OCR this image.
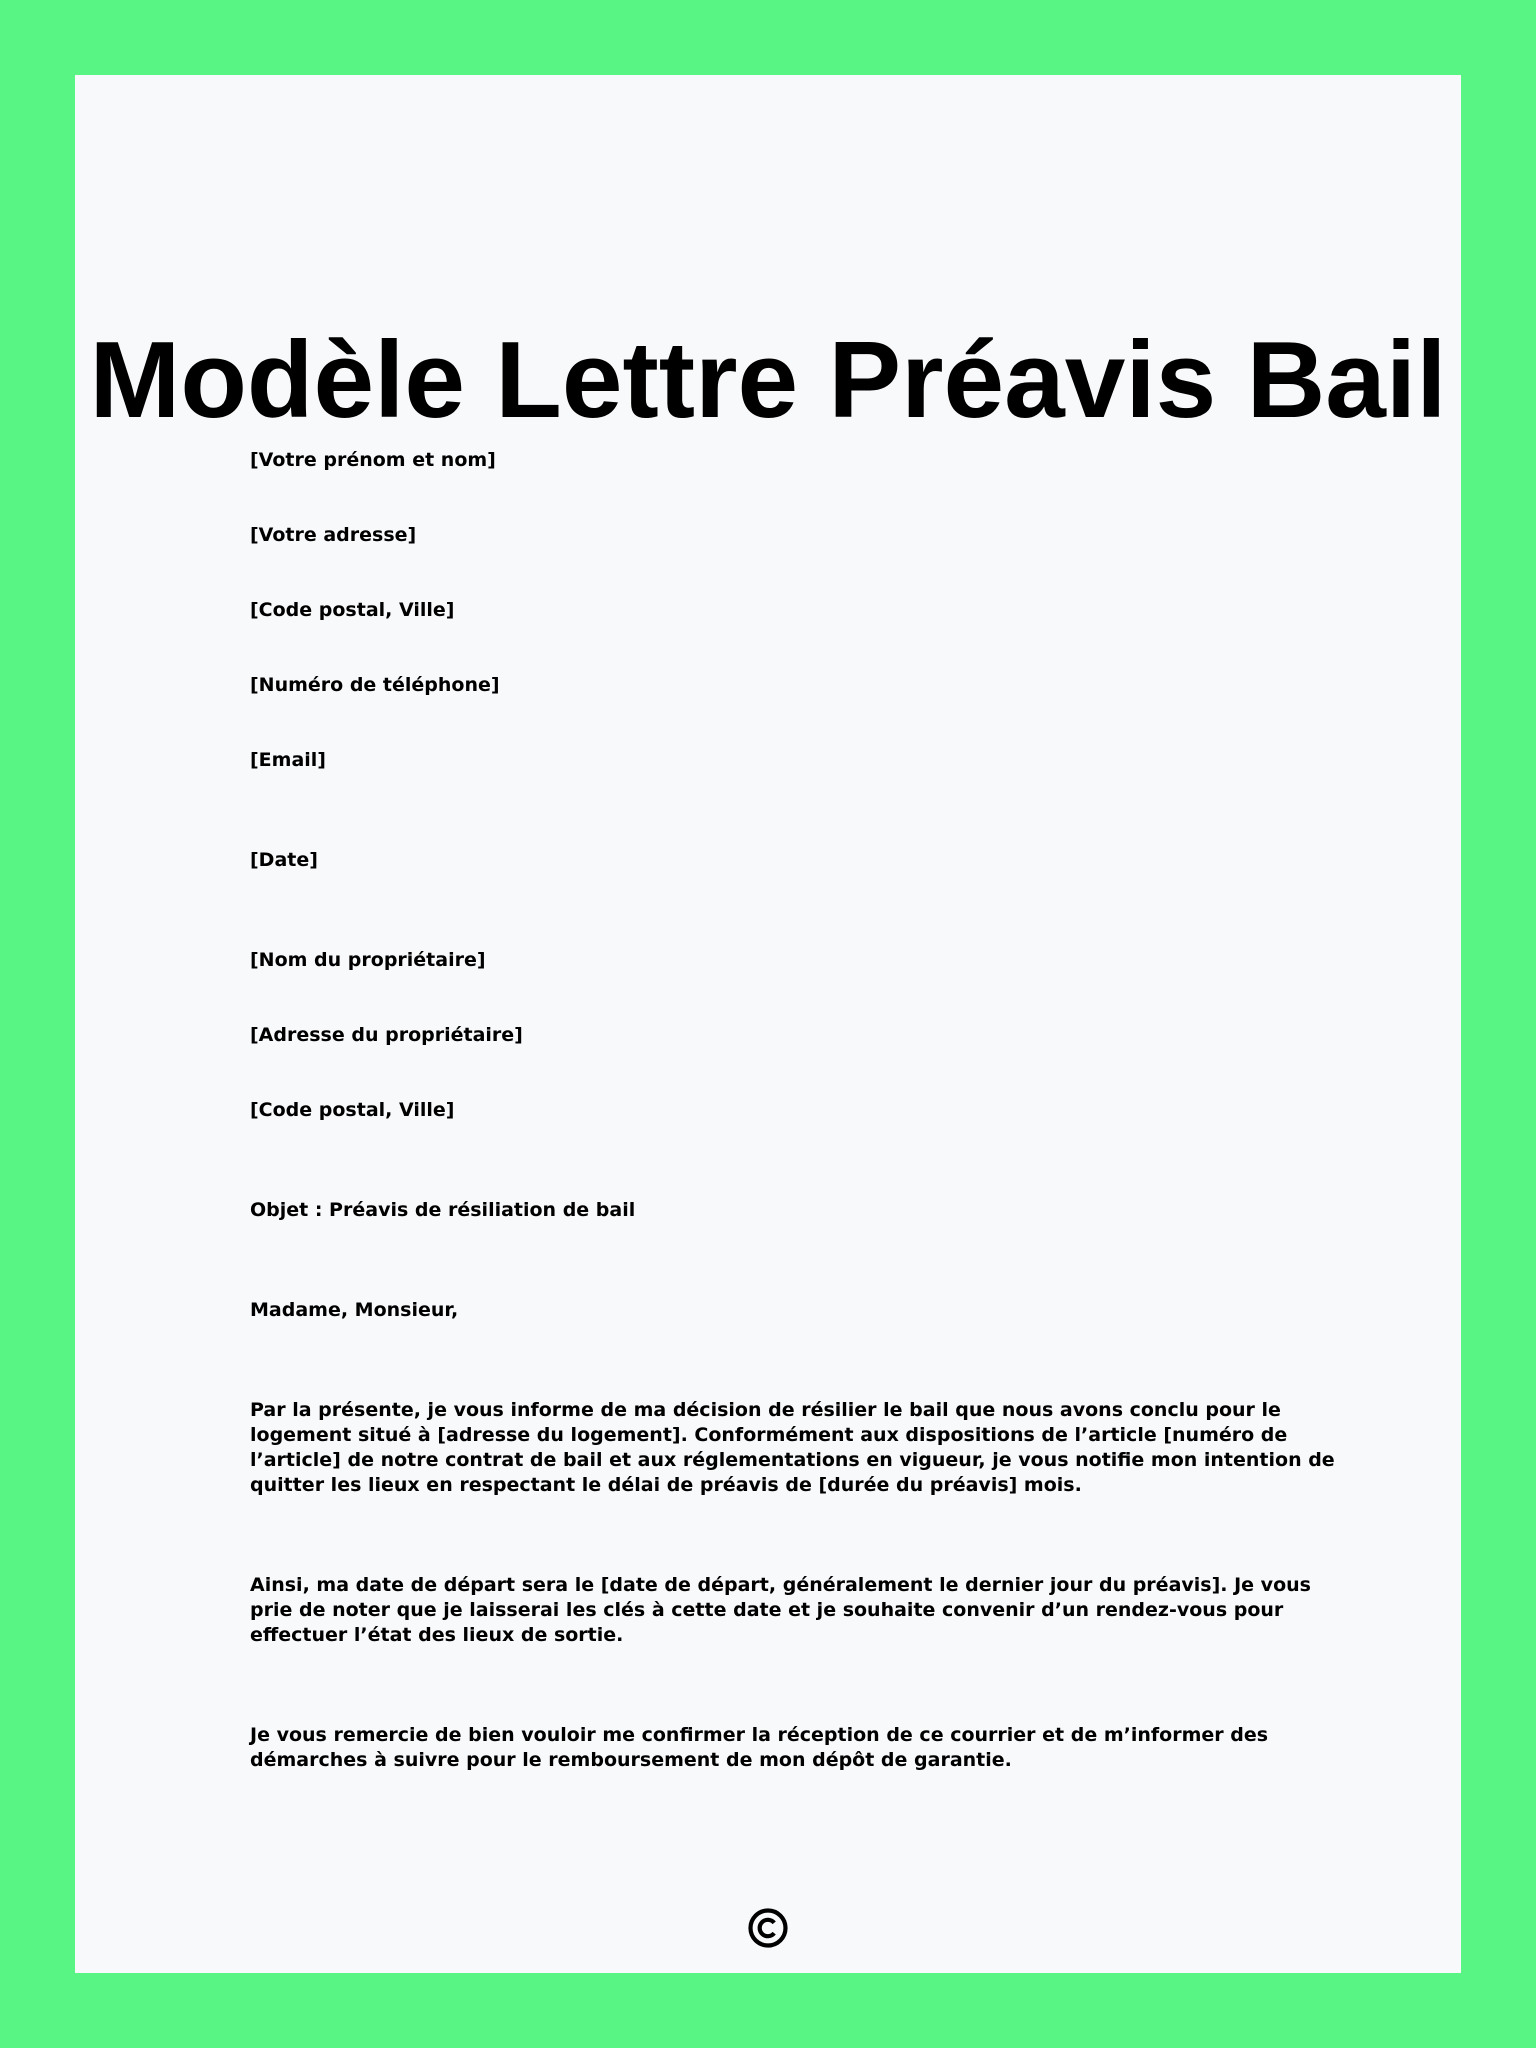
Modèle Lettre Préavis Bail

[Votre prénom et nom]

[Votre adresse]

[Code postal, Ville]

[Numéro de téléphone]

[Email]

[Date]

[Nom du propriétaire]

[Adresse du propriétaire]

[Code postal, Ville]

Objet : Préavis de résiliation de bail

Madame, Monsieur,

Par la présente, je vous informe de ma décision de résilier le bail que nous avons conclu pour le logement situé à [adresse du logement]. Conformément aux dispositions de l’article [numéro de l’article] de notre contrat de bail et aux réglementations en vigueur, je vous notifie mon intention de quitter les lieux en respectant le délai de préavis de [durée du préavis] mois.

Ainsi, ma date de départ sera le [date de départ, généralement le dernier jour du préavis]. Je vous prie de noter que je laisserai les clés à cette date et je souhaite convenir d’un rendez-vous pour effectuer l’état des lieux de sortie.

Je vous remercie de bien vouloir me confirmer la réception de ce courrier et de m’informer des démarches à suivre pour le remboursement de mon dépôt de garantie.
